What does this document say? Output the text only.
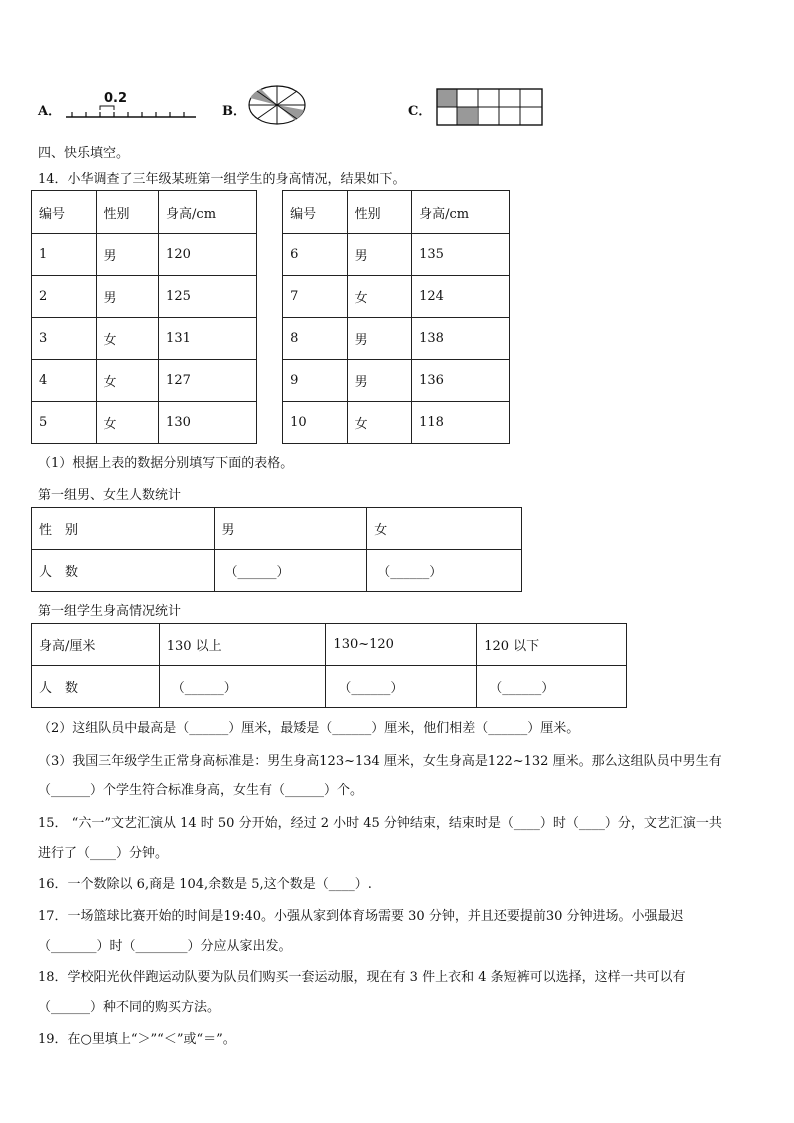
A．
0.2
B．	C．
四、快乐填空。
14．小华调查了三年级某班第一组学生的身高情况，结果如下。
编号	性别	身高/cm		编号	性别	身高/cm
1	男	120		6	男	135
2	男	125		7	女	124
3	女	131		8	男	138
4	女	127		9	男	136
5	女	130		10	女	118
（1）根据上表的数据分别填写下面的表格。
第一组男、女生人数统计
性　别	男	女
人　数	（______）	（______）
第一组学生身高情况统计
身高/厘米	130 以上	130~120	120 以下
人　数	（______）	（______）	（______）
（2）这组队员中最高是（______）厘米，最矮是（______）厘米，他们相差（______）厘米。
（3）我国三年级学生正常身高标准是：男生身高123~134 厘米，女生身高是122~132 厘米。那么这组队员中男生有
（______）个学生符合标准身高，女生有（______）个。
15． “六一”文艺汇演从 14 时 50 分开始，经过 2 小时 45 分钟结束，结束时是（____）时（____）分，文艺汇演一共
进行了（____）分钟。
16．一个数除以 6,商是 104,余数是 5,这个数是（____）.
17．一场篮球比赛开始的时间是19:40。小强从家到体育场需要 30 分钟，并且还要提前30 分钟进场。小强最迟
（_______）时（________）分应从家出发。
18．学校阳光伙伴跑运动队要为队员们购买一套运动服，现在有 3 件上衣和 4 条短裤可以选择，这样一共可以有
（______）种不同的购买方法。
19．在○里填上“＞”“＜”或“＝”。
